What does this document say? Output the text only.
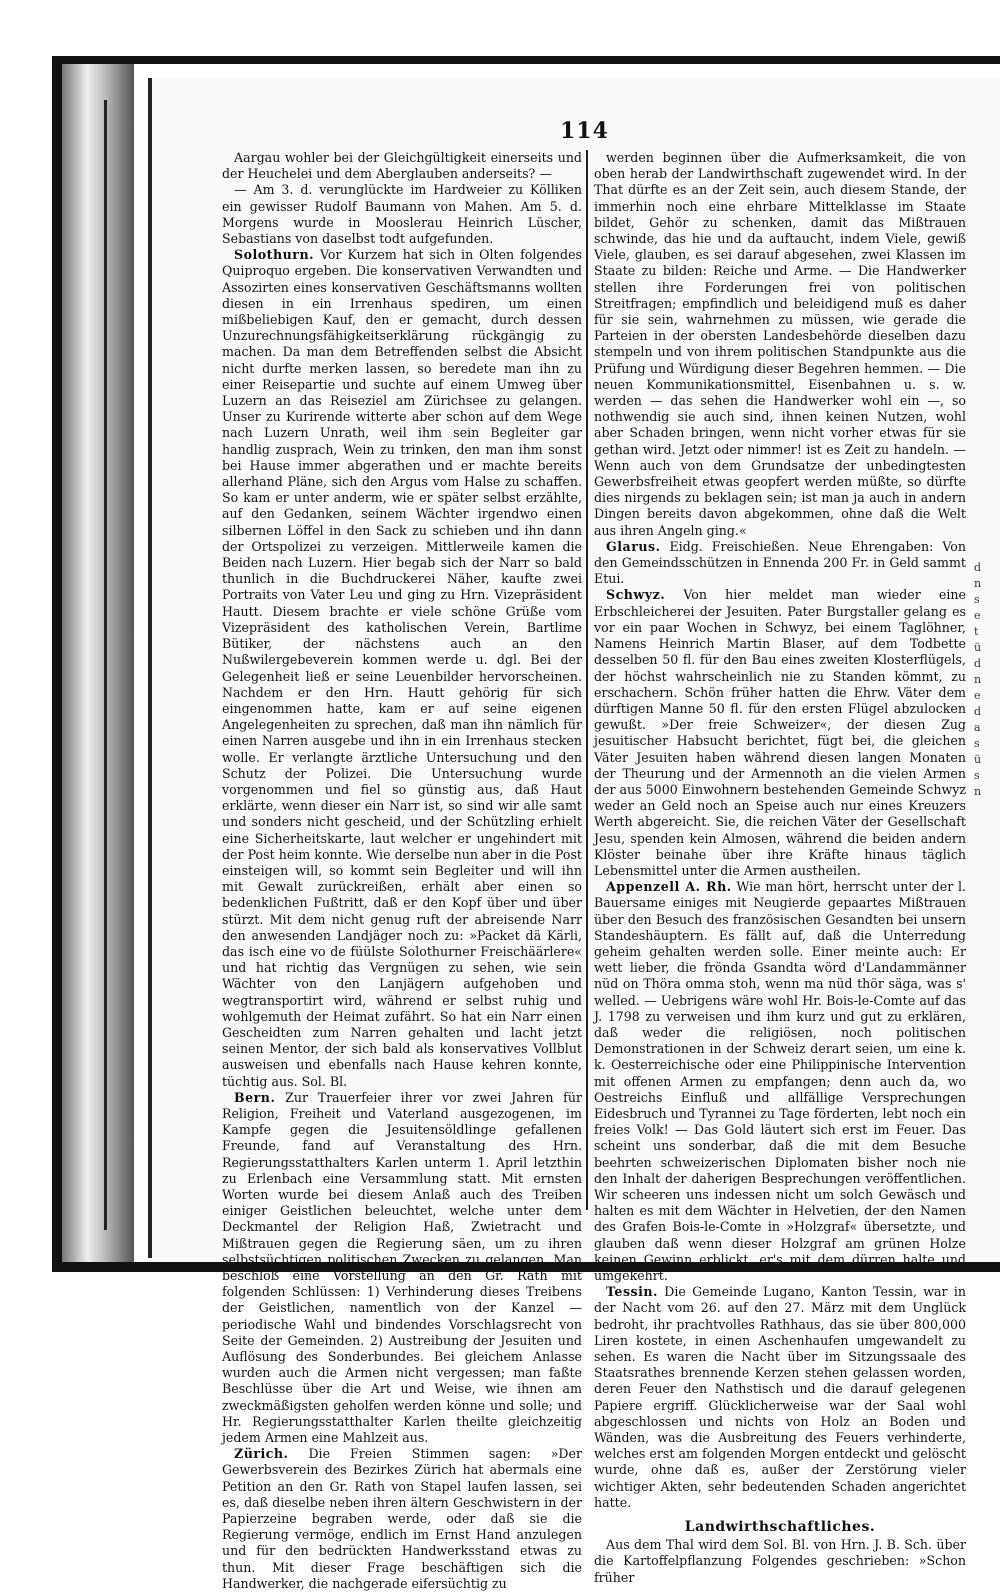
114

Aargau wohler bei der Gleichgültigkeit einerseits und der Heuchelei und dem Aberglauben anderseits? —

— Am 3. d. verunglückte im Hardweier zu Kölliken ein gewisser Rudolf Baumann von Mahen. Am 5. d. Morgens wurde in Mooslerau Heinrich Lüscher, Sebastians von daselbst todt aufgefunden.

Solothurn. Vor Kurzem hat sich in Olten folgendes Quiproquo ergeben. Die konservativen Verwandten und Assozirten eines konservativen Geschäftsmanns wollten diesen in ein Irrenhaus spediren, um einen mißbeliebigen Kauf, den er gemacht, durch dessen Unzurechnungsfähigkeitserklärung rückgängig zu machen. Da man dem Betreffenden selbst die Absicht nicht durfte merken lassen, so beredete man ihn zu einer Reisepartie und suchte auf einem Umweg über Luzern an das Reiseziel am Zürichsee zu gelangen. Unser zu Kurirende witterte aber schon auf dem Wege nach Luzern Unrath, weil ihm sein Begleiter gar handlig zusprach, Wein zu trinken, den man ihm sonst bei Hause immer abgerathen und er machte bereits allerhand Pläne, sich den Argus vom Halse zu schaffen. So kam er unter anderm, wie er später selbst erzählte, auf den Gedanken, seinem Wächter irgendwo einen silbernen Löffel in den Sack zu schieben und ihn dann der Ortspolizei zu verzeigen. Mittlerweile kamen die Beiden nach Luzern. Hier begab sich der Narr so bald thunlich in die Buchdruckerei Näher, kaufte zwei Portraits von Vater Leu und ging zu Hrn. Vizepräsident Hautt. Diesem brachte er viele schöne Grüße vom Vizepräsident des katholischen Verein, Bartlime Bütiker, der nächstens auch an den Nußwilergebeverein kommen werde u. dgl. Bei der Gelegenheit ließ er seine Leuenbilder hervorscheinen. Nachdem er den Hrn. Hautt gehörig für sich eingenommen hatte, kam er auf seine eigenen Angelegenheiten zu sprechen, daß man ihn nämlich für einen Narren ausgebe und ihn in ein Irrenhaus stecken wolle. Er verlangte ärztliche Untersuchung und den Schutz der Polizei. Die Untersuchung wurde vorgenommen und fiel so günstig aus, daß Haut erklärte, wenn dieser ein Narr ist, so sind wir alle samt und sonders nicht gescheid, und der Schützling erhielt eine Sicherheitskarte, laut welcher er ungehindert mit der Post heim konnte. Wie derselbe nun aber in die Post einsteigen will, so kommt sein Begleiter und will ihn mit Gewalt zurückreißen, erhält aber einen so bedenklichen Fußtritt, daß er den Kopf über und über stürzt. Mit dem nicht genug ruft der abreisende Narr den anwesenden Landjäger noch zu: »Packet dä Kärli, das isch eine vo de füülste Solothurner Freischäärlere« und hat richtig das Vergnügen zu sehen, wie sein Wächter von den Lanjägern aufgehoben und wegtransportirt wird, während er selbst ruhig und wohlgemuth der Heimat zufährt. So hat ein Narr einen Gescheidten zum Narren gehalten und lacht jetzt seinen Mentor, der sich bald als konservatives Vollblut ausweisen und ebenfalls nach Hause kehren konnte, tüchtig aus. Sol. Bl.

Bern. Zur Trauerfeier ihrer vor zwei Jahren für Religion, Freiheit und Vaterland ausgezogenen, im Kampfe gegen die Jesuitensöldlinge gefallenen Freunde, fand auf Veranstaltung des Hrn. Regierungsstatthalters Karlen unterm 1. April letzthin zu Erlenbach eine Versammlung statt. Mit ernsten Worten wurde bei diesem Anlaß auch des Treiben einiger Geistlichen beleuchtet, welche unter dem Deckmantel der Religion Haß, Zwietracht und Mißtrauen gegen die Regierung säen, um zu ihren selbstsüchtigen politischen Zwecken zu gelangen. Man beschloß eine Vorstellung an den Gr. Rath mit folgenden Schlüssen: 1) Verhinderung dieses Treibens der Geistlichen, namentlich von der Kanzel — periodische Wahl und bindendes Vorschlagsrecht von Seite der Gemeinden. 2) Austreibung der Jesuiten und Auflösung des Sonderbundes. Bei gleichem Anlasse wurden auch die Armen nicht vergessen; man faßte Beschlüsse über die Art und Weise, wie ihnen am zweckmäßigsten geholfen werden könne und solle; und Hr. Regierungsstatthalter Karlen theilte gleichzeitig jedem Armen eine Mahlzeit aus.

Zürich. Die Freien Stimmen sagen: »Der Gewerbsverein des Bezirkes Zürich hat abermals eine Petition an den Gr. Rath von Stapel laufen lassen, sei es, daß dieselbe neben ihren ältern Geschwistern in der Papierzeine begraben werde, oder daß sie die Regierung vermöge, endlich im Ernst Hand anzulegen und für den bedrückten Handwerksstand etwas zu thun. Mit dieser Frage beschäftigen sich die Handwerker, die nachgerade eifersüchtig zu

werden beginnen über die Aufmerksamkeit, die von oben herab der Landwirthschaft zugewendet wird. In der That dürfte es an der Zeit sein, auch diesem Stande, der immerhin noch eine ehrbare Mittelklasse im Staate bildet, Gehör zu schenken, damit das Mißtrauen schwinde, das hie und da auftaucht, indem Viele, gewiß Viele, glauben, es sei darauf abgesehen, zwei Klassen im Staate zu bilden: Reiche und Arme. — Die Handwerker stellen ihre Forderungen frei von politischen Streitfragen; empfindlich und beleidigend muß es daher für sie sein, wahrnehmen zu müssen, wie gerade die Parteien in der obersten Landesbehörde dieselben dazu stempeln und von ihrem politischen Standpunkte aus die Prüfung und Würdigung dieser Begehren hemmen. — Die neuen Kommunikationsmittel, Eisenbahnen u. s. w. werden — das sehen die Handwerker wohl ein —, so nothwendig sie auch sind, ihnen keinen Nutzen, wohl aber Schaden bringen, wenn nicht vorher etwas für sie gethan wird. Jetzt oder nimmer! ist es Zeit zu handeln. — Wenn auch von dem Grundsatze der unbedingtesten Gewerbsfreiheit etwas geopfert werden müßte, so dürfte dies nirgends zu beklagen sein; ist man ja auch in andern Dingen bereits davon abgekommen, ohne daß die Welt aus ihren Angeln ging.«

Glarus. Eidg. Freischießen. Neue Ehrengaben: Von den Gemeindsschützen in Ennenda 200 Fr. in Geld sammt Etui.

Schwyz. Von hier meldet man wieder eine Erbschleicherei der Jesuiten. Pater Burgstaller gelang es vor ein paar Wochen in Schwyz, bei einem Taglöhner, Namens Heinrich Martin Blaser, auf dem Todbette desselben 50 fl. für den Bau eines zweiten Klosterflügels, der höchst wahrscheinlich nie zu Standen kömmt, zu erschachern. Schön früher hatten die Ehrw. Väter dem dürftigen Manne 50 fl. für den ersten Flügel abzulocken gewußt. »Der freie Schweizer«, der diesen Zug jesuitischer Habsucht berichtet, fügt bei, die gleichen Väter Jesuiten haben während diesen langen Monaten der Theurung und der Armennoth an die vielen Armen der aus 5000 Einwohnern bestehenden Gemeinde Schwyz weder an Geld noch an Speise auch nur eines Kreuzers Werth abgereicht. Sie, die reichen Väter der Gesellschaft Jesu, spenden kein Almosen, während die beiden andern Klöster beinahe über ihre Kräfte hinaus täglich Lebensmittel unter die Armen austheilen.

Appenzell A. Rh. Wie man hört, herrscht unter der l. Bauersame einiges mit Neugierde gepaartes Mißtrauen über den Besuch des französischen Gesandten bei unsern Standeshäuptern. Es fällt auf, daß die Unterredung geheim gehalten werden solle. Einer meinte auch: Er wett lieber, die frönda Gsandta wörd d'Landammänner nüd on Thöra omma stoh, wenn ma nüd thör säga, was s' welled. — Uebrigens wäre wohl Hr. Bois-le-Comte auf das J. 1798 zu verweisen und ihm kurz und gut zu erklären, daß weder die religiösen, noch politischen Demonstrationen in der Schweiz derart seien, um eine k. k. Oesterreichische oder eine Philippinische Intervention mit offenen Armen zu empfangen; denn auch da, wo Oestreichs Einfluß und allfällige Versprechungen Eidesbruch und Tyrannei zu Tage förderten, lebt noch ein freies Volk! — Das Gold läutert sich erst im Feuer. Das scheint uns sonderbar, daß die mit dem Besuche beehrten schweizerischen Diplomaten bisher noch nie den Inhalt der daherigen Besprechungen veröffentlichen. Wir scheeren uns indessen nicht um solch Gewäsch und halten es mit dem Wächter in Helvetien, der den Namen des Grafen Bois-le-Comte in »Holzgraf« übersetzte, und glauben daß wenn dieser Holzgraf am grünen Holze keinen Gewinn erblickt, er's mit dem dürren halte und umgekehrt.

Tessin. Die Gemeinde Lugano, Kanton Tessin, war in der Nacht vom 26. auf den 27. März mit dem Unglück bedroht, ihr prachtvolles Rathhaus, das sie über 800,000 Liren kostete, in einen Aschenhaufen umgewandelt zu sehen. Es waren die Nacht über im Sitzungssaale des Staatsrathes brennende Kerzen stehen gelassen worden, deren Feuer den Nathstisch und die darauf gelegenen Papiere ergriff. Glücklicherweise war der Saal wohl abgeschlossen und nichts von Holz an Boden und Wänden, was die Ausbreitung des Feuers verhinderte, welches erst am folgenden Morgen entdeckt und gelöscht wurde, ohne daß es, außer der Zerstörung vieler wichtiger Akten, sehr bedeutenden Schaden angerichtet hatte.

Landwirthschaftliches.

Aus dem Thal wird dem Sol. Bl. von Hrn. J. B. Sch. über die Kartoffelpflanzung Folgendes geschrieben: »Schon früher

d
n
s
e
t
ü
d
n
e
d
a
s
ü
s
n
